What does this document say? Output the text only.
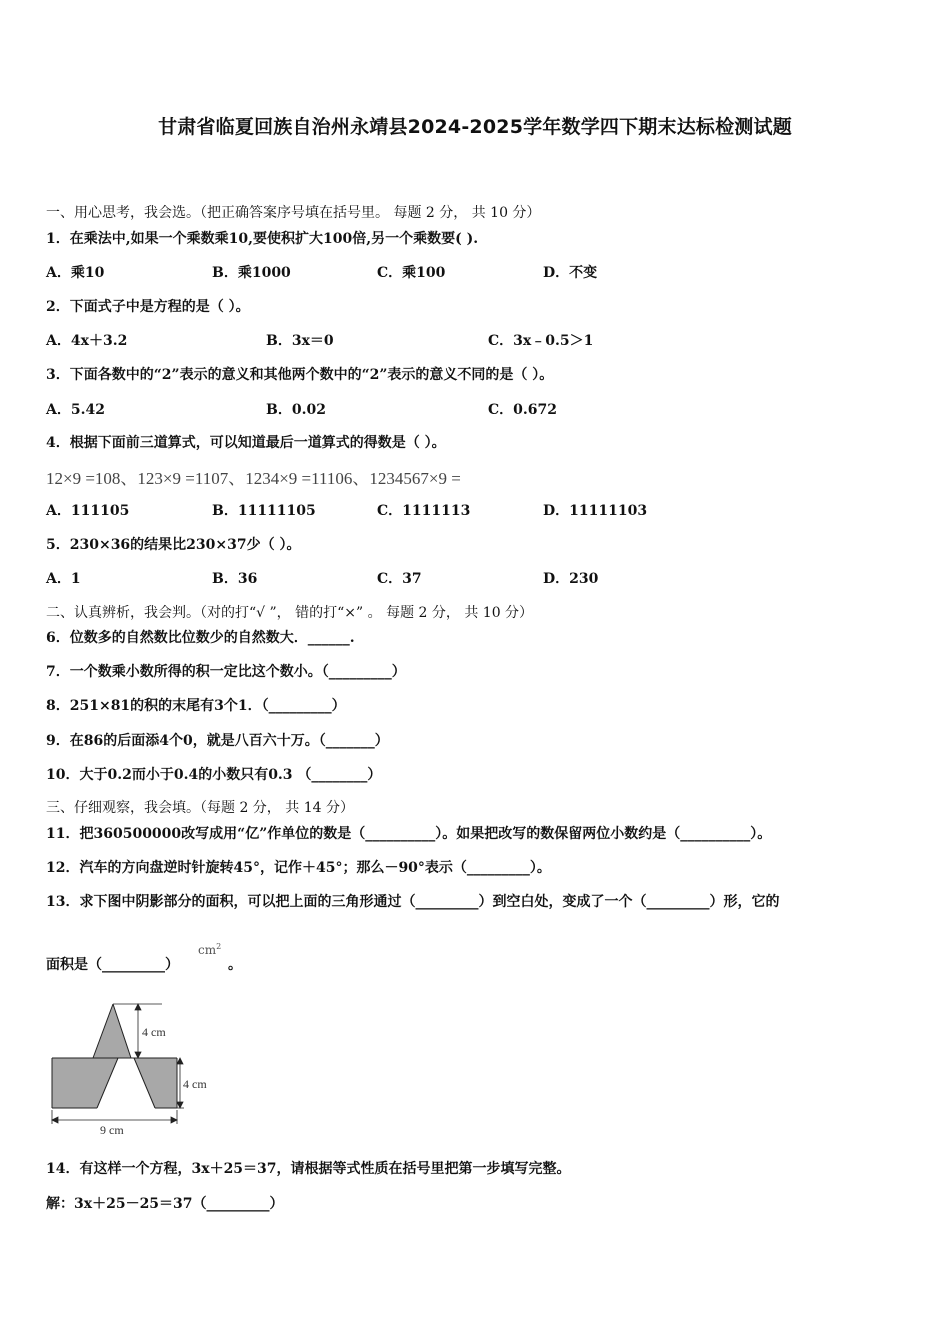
甘肃省临夏回族自治州永靖县2024-2025学年数学四下期末达标检测试题
一、用心思考，我会选。（把正确答案序号填在括号里。 每题 2 分， 共 10 分）
1．在乘法中,如果一个乘数乘10,要使积扩大100倍,另一个乘数要( ).
A．乘10	B．乘1000	C．乘100	D．不变
2．下面式子中是方程的是（ ）。
A．4x＋3.2	B．3x＝0	C．3x﹣0.5＞1
3．下面各数中的“2”表示的意义和其他两个数中的“2”表示的意义不同的是（ ）。
A．5.42	B．0.02	C．0.672
4．根据下面前三道算式，可以知道最后一道算式的得数是（ ）。
12×9 =108、123×9 =1107、1234×9 =11106、1234567×9 =
A．111105	B．11111105	C．1111113	D．11111103
5．230×36的结果比230×37少（ ）。
A．1	B．36	C．37	D．230
二、认真辨析，我会判。（对的打“√ ”， 错的打“×” 。 每题 2 分， 共 10 分）
6．位数多的自然数比位数少的自然数大．______.
7．一个数乘小数所得的积一定比这个数小。（_________）
8．251×81的积的末尾有3个1．（_________）
9．在86的后面添4个0，就是八百六十万。（_______）
10．大于0.2而小于0.4的小数只有0.3 （________）
三、仔细观察，我会填。（每题 2 分， 共 14 分）
11．把360500000改写成用“亿”作单位的数是（__________）。如果把改写的数保留两位小数约是（__________）。
12．汽车的方向盘逆时针旋转45°，记作＋45°；那么－90°表示（_________）。
13．求下图中阴影部分的面积，可以把上面的三角形通过（_________）到空白处，变成了一个（_________）形，它的
面积是（_________）
$cm^2$
。
4 cm
4 cm
9 cm
14．有这样一个方程，3x＋25＝37，请根据等式性质在括号里把第一步填写完整。
解：3x＋25－25＝37（_________）
